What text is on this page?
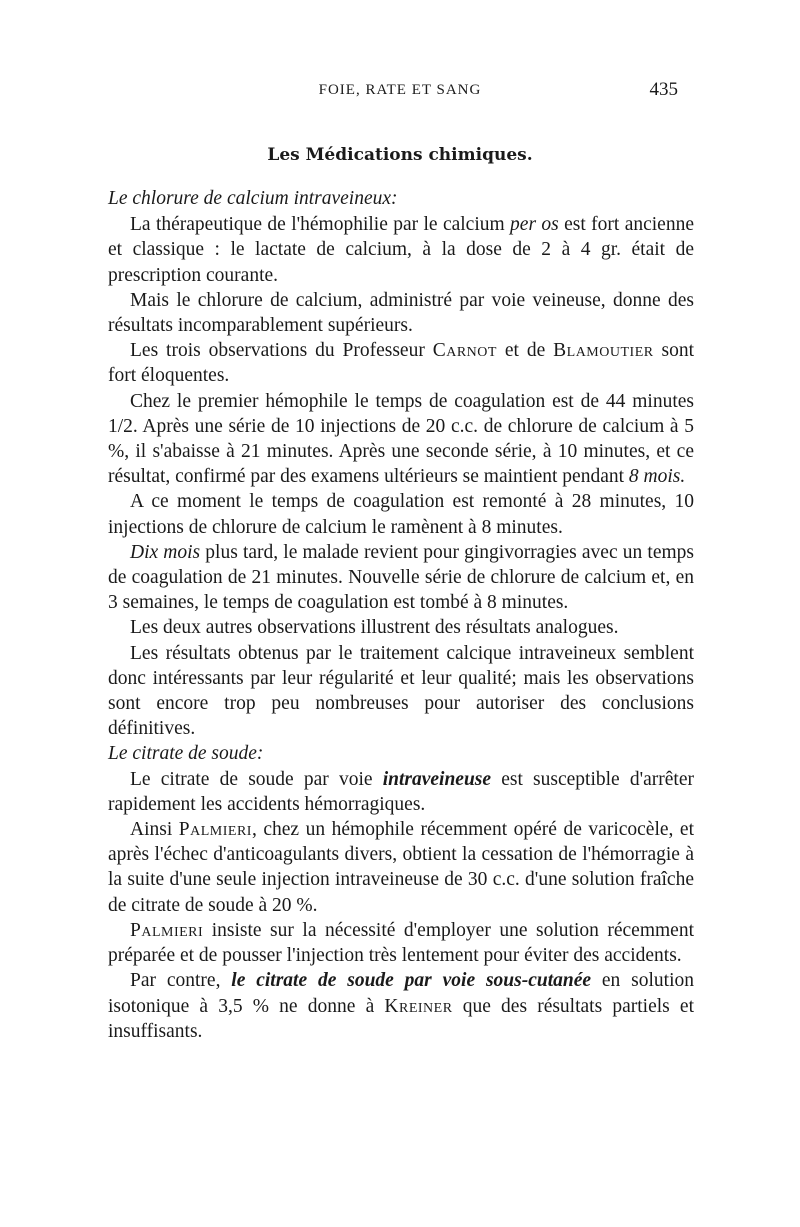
FOIE, RATE ET SANG	435
Les Médications chimiques.

Le chlorure de calcium intraveineux:

La thérapeutique de l'hémophilie par le calcium per os est fort ancienne et classique : le lactate de calcium, à la dose de 2 à 4 gr. était de prescription courante.

Mais le chlorure de calcium, administré par voie veineuse, donne des résultats incomparablement supérieurs.

Les trois observations du Professeur Carnot et de Blamoutier sont fort éloquentes.

Chez le premier hémophile le temps de coagulation est de 44 minutes 1/2. Après une série de 10 injections de 20 c.c. de chlorure de calcium à 5 %, il s'abaisse à 21 minutes. Après une seconde série, à 10 minutes, et ce résultat, confirmé par des examens ultérieurs se maintient pendant 8 mois.

A ce moment le temps de coagulation est remonté à 28 minutes, 10 injections de chlorure de calcium le ramènent à 8 minutes.

Dix mois plus tard, le malade revient pour gingivorragies avec un temps de coagulation de 21 minutes. Nouvelle série de chlorure de calcium et, en 3 semaines, le temps de coagulation est tombé à 8 minutes.

Les deux autres observations illustrent des résultats analogues.

Les résultats obtenus par le traitement calcique intraveineux semblent donc intéressants par leur régularité et leur qualité; mais les observations sont encore trop peu nombreuses pour autoriser des conclusions définitives.

Le citrate de soude:

Le citrate de soude par voie intraveineuse est susceptible d'arrêter rapidement les accidents hémorragiques.

Ainsi Palmieri, chez un hémophile récemment opéré de varicocèle, et après l'échec d'anticoagulants divers, obtient la cessation de l'hémorragie à la suite d'une seule injection intraveineuse de 30 c.c. d'une solution fraîche de citrate de soude à 20 %.

Palmieri insiste sur la nécessité d'employer une solution récemment préparée et de pousser l'injection très lentement pour éviter des accidents.

Par contre, le citrate de soude par voie sous-cutanée en solution isotonique à 3,5 % ne donne à Kreiner que des résultats partiels et insuffisants.
